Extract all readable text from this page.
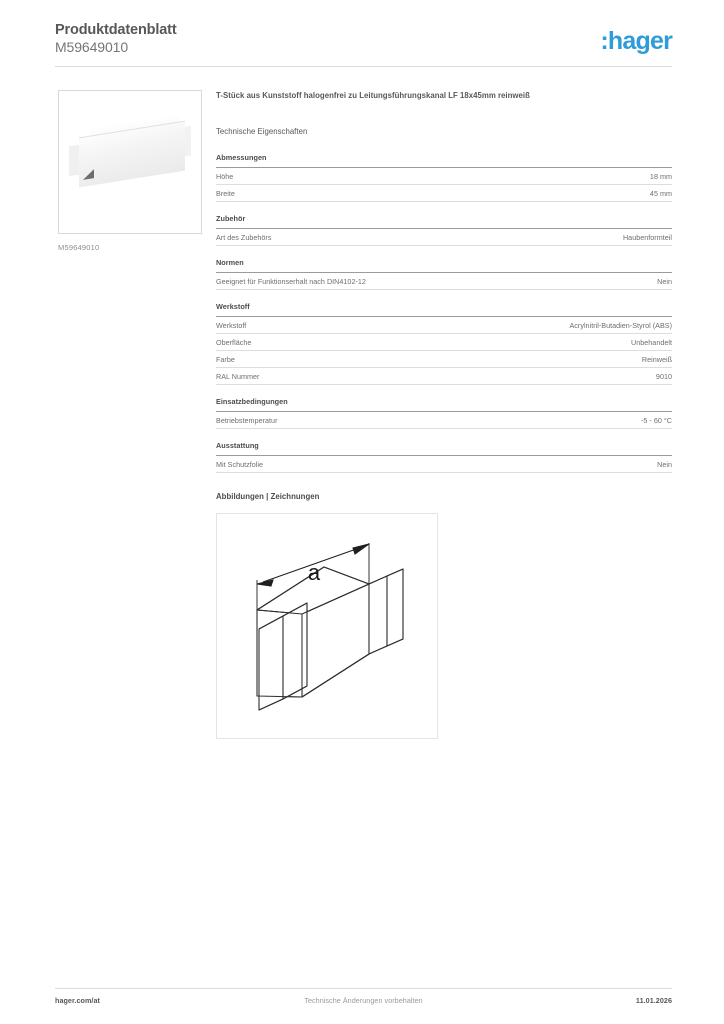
Produktdatenblatt
M59649010	:hager
M59649010
T-Stück aus Kunststoff halogenfrei zu Leitungsführungskanal LF 18x45mm reinweiß
Technische Eigenschaften
Abmessungen
Höhe	18 mm
Breite	45 mm
Zubehör
Art des Zubehörs	Haubenformteil
Normen
Geeignet für Funktionserhalt nach DIN4102-12	Nein
Werkstoff
Werkstoff	Acrylnitril-Butadien-Styrol (ABS)
Oberfläche	Unbehandelt
Farbe	Reinweiß
RAL Nummer	9010
Einsatzbedingungen
Betriebstemperatur	-5 - 60 °C
Ausstattung
Mit Schutzfolie	Nein
Abbildungen | Zeichnungen
a
hager.com/at	Technische Änderungen vorbehalten	11.01.2026
